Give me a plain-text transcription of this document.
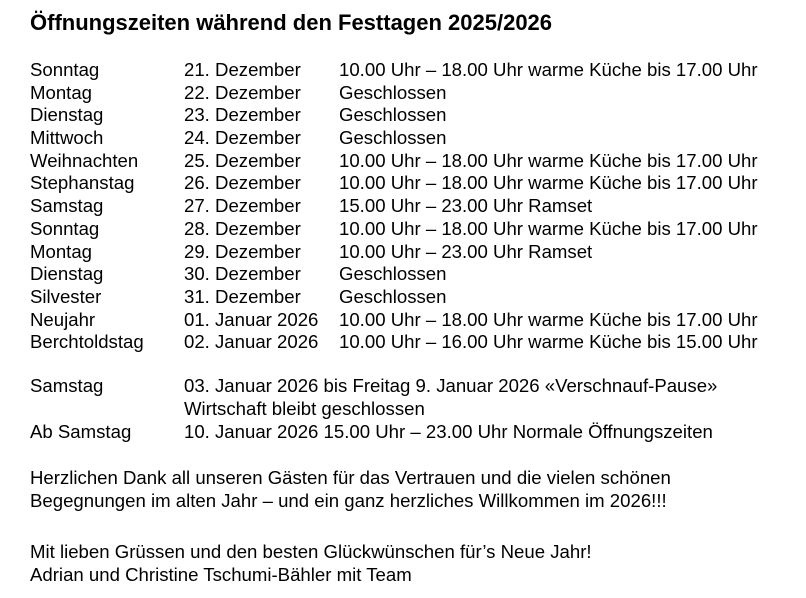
Öffnungszeiten während den Festtagen 2025/2026
Sonntag	21. Dezember 10.00 Uhr – 18.00 Uhr warme Küche bis 17.00 Uhr
Montag	22. Dezember Geschlossen
Dienstag	23. Dezember Geschlossen
Mittwoch	24. Dezember Geschlossen
Weihnachten 25. Dezember 10.00 Uhr – 18.00 Uhr warme Küche bis 17.00 Uhr
Stephanstag	26. Dezember 10.00 Uhr – 18.00 Uhr warme Küche bis 17.00 Uhr
Samstag	27. Dezember 15.00 Uhr – 23.00 Uhr Ramset
Sonntag	28. Dezember 10.00 Uhr – 18.00 Uhr warme Küche bis 17.00 Uhr
Montag	29. Dezember 10.00 Uhr – 23.00 Uhr Ramset
Dienstag	30. Dezember Geschlossen
Silvester	31. Dezember Geschlossen
Neujahr	01. Januar 2026 10.00 Uhr – 18.00 Uhr warme Küche bis 17.00 Uhr
Berchtoldstag 02. Januar 2026 10.00 Uhr – 16.00 Uhr warme Küche bis 15.00 Uhr
Samstag	03. Januar 2026 bis Freitag 9. Januar 2026 «Verschnauf-Pause»
Wirtschaft bleibt geschlossen
Ab Samstag	10. Januar 2026 15.00 Uhr – 23.00 Uhr Normale Öffnungszeiten
Herzlichen Dank all unseren Gästen für das Vertrauen und die vielen schönen
Begegnungen im alten Jahr – und ein ganz herzliches Willkommen im 2026!!!
Mit lieben Grüssen und den besten Glückwünschen für’s Neue Jahr!
Adrian und Christine Tschumi-Bähler mit Team
